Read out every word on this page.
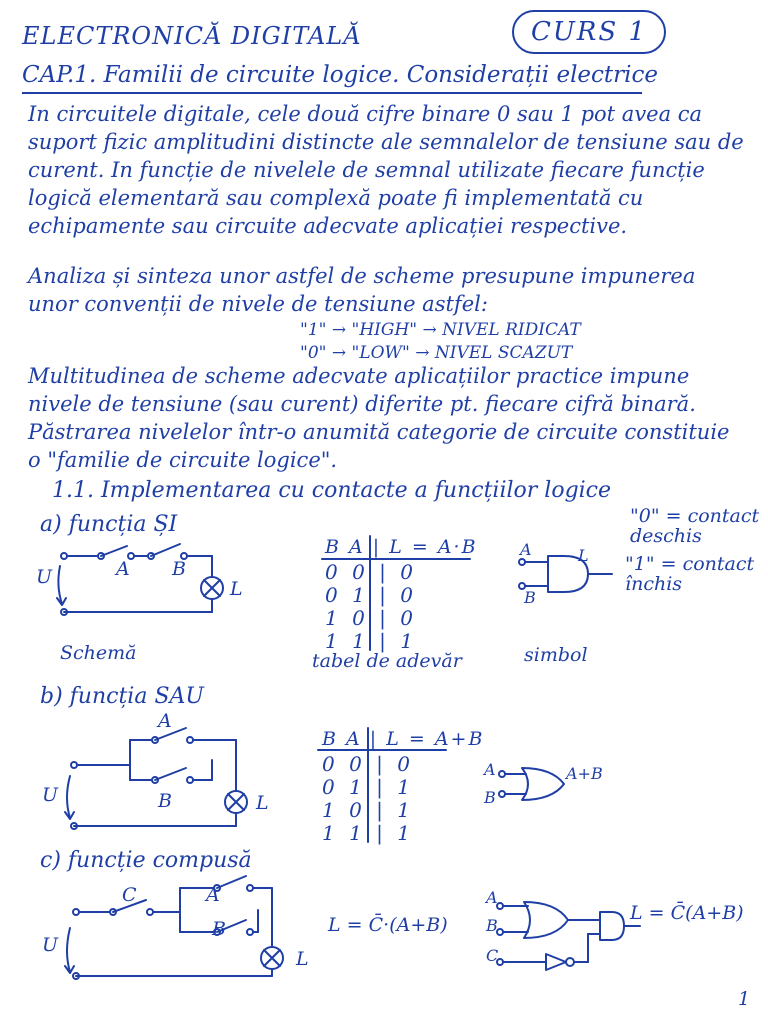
ELECTRONICĂ DIGITALĂ	CURS 1
CAP.1. Familii de circuite logice. Considerații electrice
In circuitele digitale, cele două cifre binare 0 sau 1 pot avea ca suport fizic amplitudini distincte ale semnalelor de tensiune sau de curent. In funcție de nivelele de semnal utilizate fiecare funcție logică elementară sau complexă poate fi implementată cu echipamente sau circuite adecvate aplicației respective.
Analiza și sinteza unor astfel de scheme presupune impunerea unor convenții de nivele de tensiune astfel:
"1" → "HIGH" → NIVEL RIDICAT
"0" → "LOW" → NIVEL SCAZUT
Multitudinea de scheme adecvate aplicațiilor practice impune nivele de tensiune (sau curent) diferite pt. fiecare cifră binară. Păstrarea nivelelor într-o anumită categorie de circuite constituie o "familie de circuite logice".
1.1. Implementarea cu contacte a funcțiilor logice
"0" = contact deschis
"1" = contact închis
a) funcția ȘI
A B
U
L
Schemă
B A | L = A·B
0 0 | 0
0 1 | 0
1 0 | 0
1 1 | 1
tabel de adevăr
A
B
L
simbol
b) funcția SAU
A
B
U	L
B A | L = A+B
0 0 | 0
0 1 | 1
1 0 | 1
1 1 | 1
A
B
A+B
c) funcție compusă
C	A
B
U
L
L = C̄·(A+B)
A
B
C
L = C̄(A+B)
1
